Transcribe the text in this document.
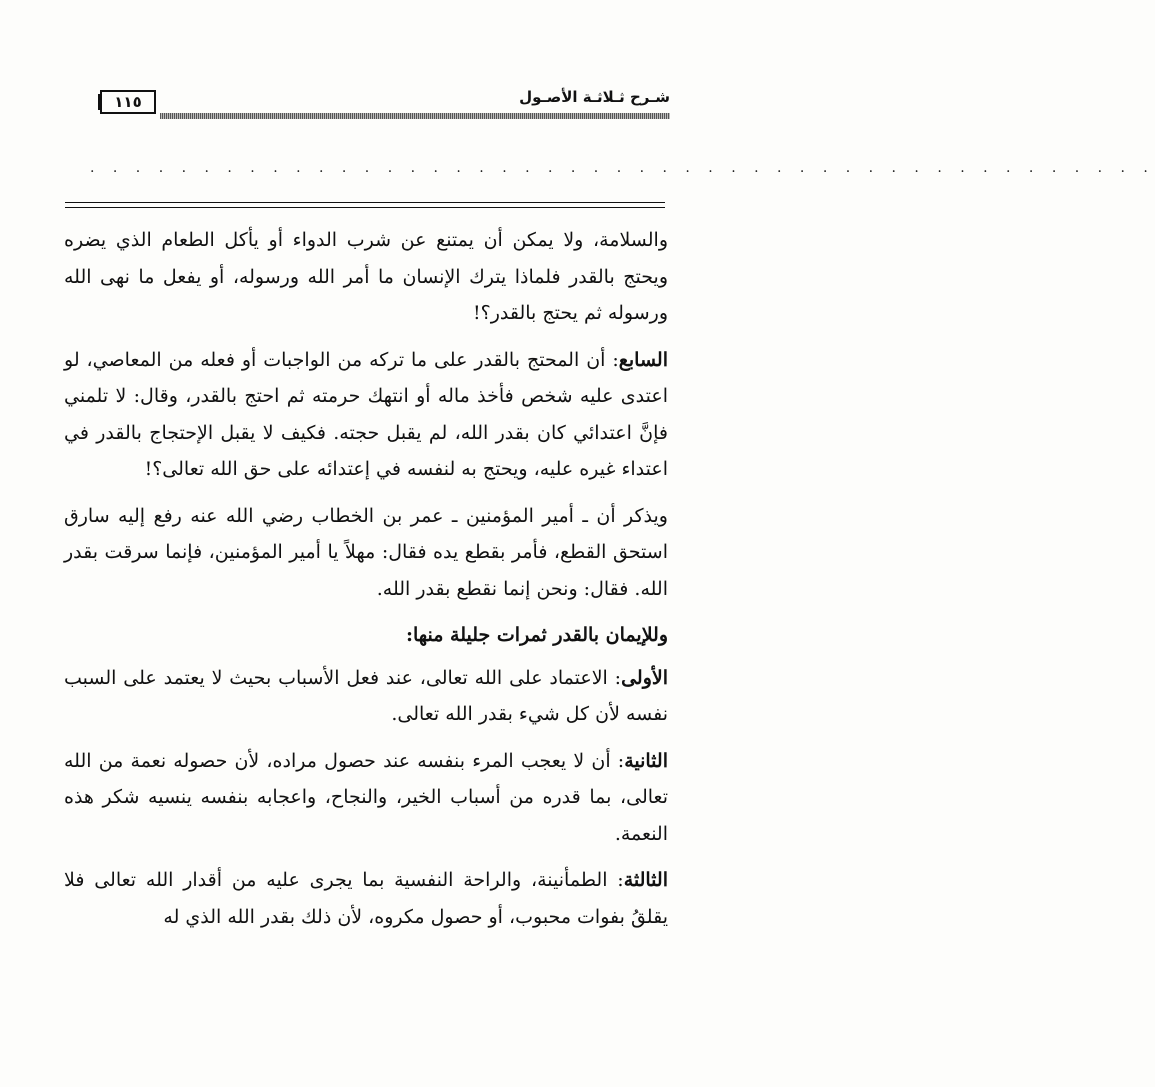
شـرح ثـلاثـة الأصـول
١١٥
. . . . . . . . . . . . . . . . . . . . . . . . . . . . . . . . . . . . . . . . . . . . . . .

والسلامة، ولا يمكن أن يمتنع عن شرب الدواء أو يأكل الطعام الذي يضره ويحتج بالقدر فلماذا يترك الإنسان ما أمر الله ورسوله، أو يفعل ما نهى الله ورسوله ثم يحتج بالقدر؟!

السابع: أن المحتج بالقدر على ما تركه من الواجبات أو فعله من المعاصي، لو اعتدى عليه شخص فأخذ ماله أو انتهك حرمته ثم احتج بالقدر، وقال: لا تلمني فإنَّ اعتدائي كان بقدر الله، لم يقبل حجته. فكيف لا يقبل الإحتجاج بالقدر في اعتداء غيره عليه، ويحتج به لنفسه في إعتدائه على حق الله تعالى؟!

ويذكر أن ـ أمير المؤمنين ـ عمر بن الخطاب رضي الله عنه رفع إليه سارق استحق القطع، فأمر بقطع يده فقال: مهلاً يا أمير المؤمنين، فإنما سرقت بقدر الله. فقال: ونحن إنما نقطع بقدر الله.

وللإيمان بالقدر ثمرات جليلة منها:

الأولى: الاعتماد على الله تعالى، عند فعل الأسباب بحيث لا يعتمد على السبب نفسه لأن كل شيء بقدر الله تعالى.

الثانية: أن لا يعجب المرء بنفسه عند حصول مراده، لأن حصوله نعمة من الله تعالى، بما قدره من أسباب الخير، والنجاح، واعجابه بنفسه ينسيه شكر هذه النعمة.

الثالثة: الطمأنينة، والراحة النفسية بما يجرى عليه من أقدار الله تعالى فلا يقلقُ بفوات محبوب، أو حصول مكروه، لأن ذلك بقدر الله الذي له
